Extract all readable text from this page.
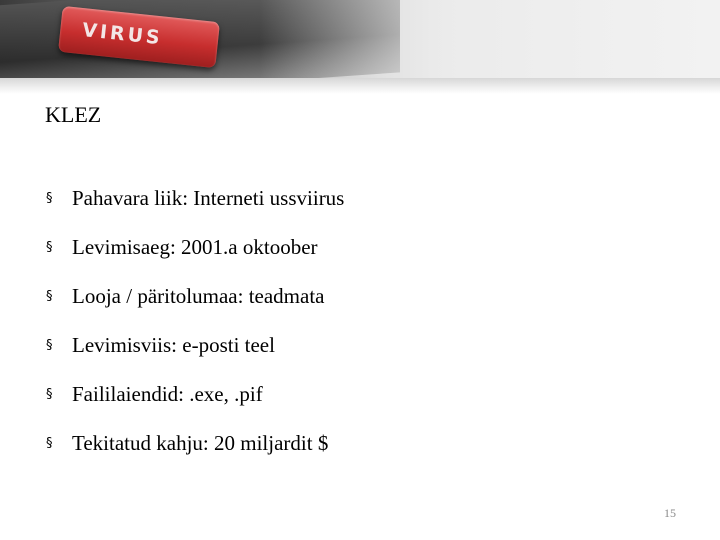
VIRUS
KLEZ
§ Pahavara liik: Interneti ussviirus
§ Levimisaeg: 2001.a oktoober
§ Looja / päritolumaa: teadmata
§ Levimisviis: e-posti teel
§ Faililaiendid: .exe, .pif
§ Tekitatud kahju: 20 miljardit $
15
